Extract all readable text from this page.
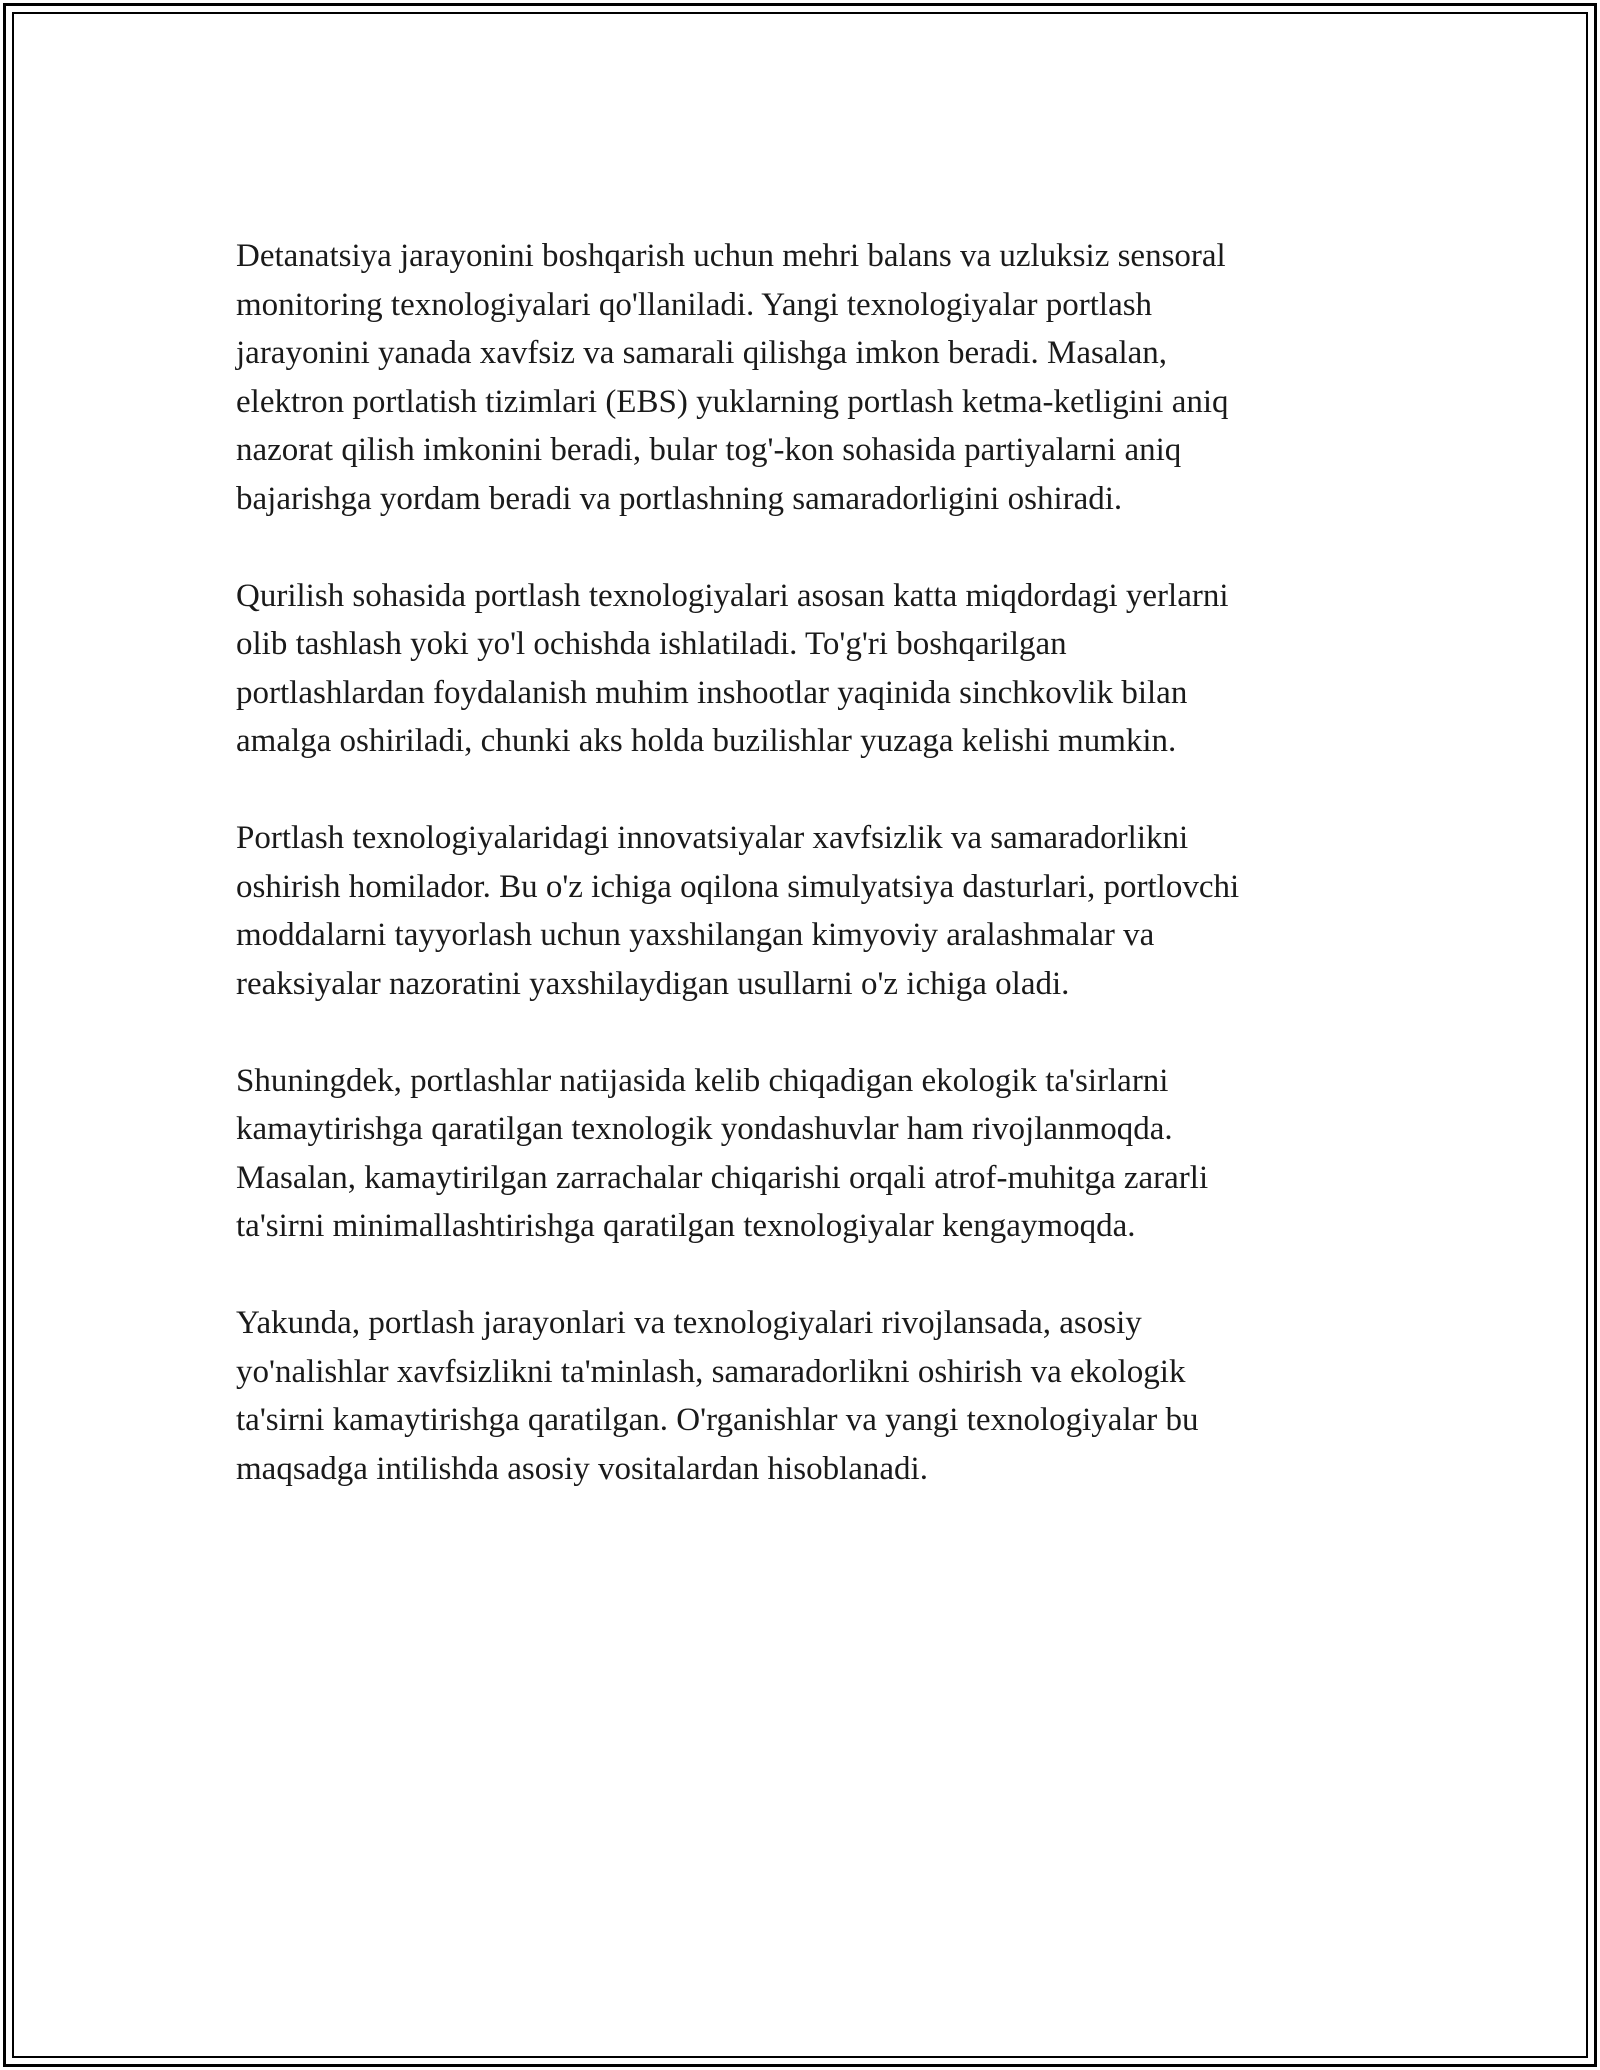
Detanatsiya jarayonini boshqarish uchun mehri balans va uzluksiz sensoral
monitoring texnologiyalari qo'llaniladi. Yangi texnologiyalar portlash
jarayonini yanada xavfsiz va samarali qilishga imkon beradi. Masalan,
elektron portlatish tizimlari (EBS) yuklarning portlash ketma-ketligini aniq
nazorat qilish imkonini beradi, bular tog'-kon sohasida partiyalarni aniq
bajarishga yordam beradi va portlashning samaradorligini oshiradi.

Qurilish sohasida portlash texnologiyalari asosan katta miqdordagi yerlarni
olib tashlash yoki yo'l ochishda ishlatiladi. To'g'ri boshqarilgan
portlashlardan foydalanish muhim inshootlar yaqinida sinchkovlik bilan
amalga oshiriladi, chunki aks holda buzilishlar yuzaga kelishi mumkin.

Portlash texnologiyalaridagi innovatsiyalar xavfsizlik va samaradorlikni
oshirish homilador. Bu o'z ichiga oqilona simulyatsiya dasturlari, portlovchi
moddalarni tayyorlash uchun yaxshilangan kimyoviy aralashmalar va
reaksiyalar nazoratini yaxshilaydigan usullarni o'z ichiga oladi.

Shuningdek, portlashlar natijasida kelib chiqadigan ekologik ta'sirlarni
kamaytirishga qaratilgan texnologik yondashuvlar ham rivojlanmoqda.
Masalan, kamaytirilgan zarrachalar chiqarishi orqali atrof-muhitga zararli
ta'sirni minimallashtirishga qaratilgan texnologiyalar kengaymoqda.

Yakunda, portlash jarayonlari va texnologiyalari rivojlansada, asosiy
yo'nalishlar xavfsizlikni ta'minlash, samaradorlikni oshirish va ekologik
ta'sirni kamaytirishga qaratilgan. O'rganishlar va yangi texnologiyalar bu
maqsadga intilishda asosiy vositalardan hisoblanadi.
